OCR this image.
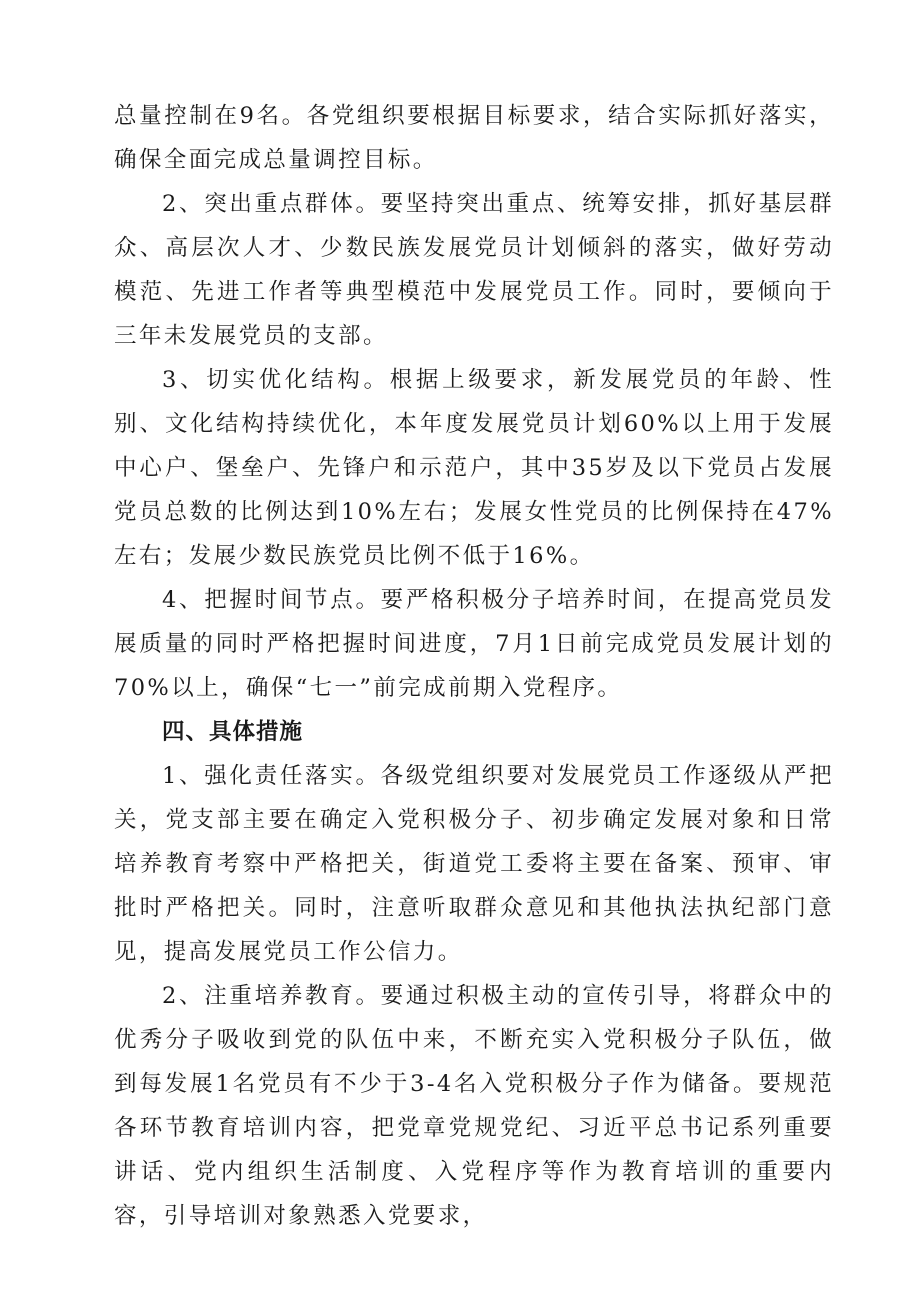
总量控制在9名。各党组织要根据目标要求，结合实际抓好落实，确保全面完成总量调控目标。

2、突出重点群体。要坚持突出重点、统筹安排，抓好基层群众、高层次人才、少数民族发展党员计划倾斜的落实，做好劳动模范、先进工作者等典型模范中发展党员工作。同时，要倾向于三年未发展党员的支部。

3、切实优化结构。根据上级要求，新发展党员的年龄、性别、文化结构持续优化，本年度发展党员计划60%以上用于发展中心户、堡垒户、先锋户和示范户，其中35岁及以下党员占发展党员总数的比例达到10%左右；发展女性党员的比例保持在47%左右；发展少数民族党员比例不低于16%。

4、把握时间节点。要严格积极分子培养时间，在提高党员发展质量的同时严格把握时间进度，7月1日前完成党员发展计划的70%以上，确保“七一”前完成前期入党程序。

四、具体措施

1、强化责任落实。各级党组织要对发展党员工作逐级从严把关，党支部主要在确定入党积极分子、初步确定发展对象和日常培养教育考察中严格把关，街道党工委将主要在备案、预审、审批时严格把关。同时，注意听取群众意见和其他执法执纪部门意见，提高发展党员工作公信力。

2、注重培养教育。要通过积极主动的宣传引导，将群众中的优秀分子吸收到党的队伍中来，不断充实入党积极分子队伍，做到每发展1名党员有不少于3-4名入党积极分子作为储备。要规范各环节教育培训内容，把党章党规党纪、习近平总书记系列重要讲话、党内组织生活制度、入党程序等作为教育培训的重要内容，引导培训对象熟悉入党要求，
